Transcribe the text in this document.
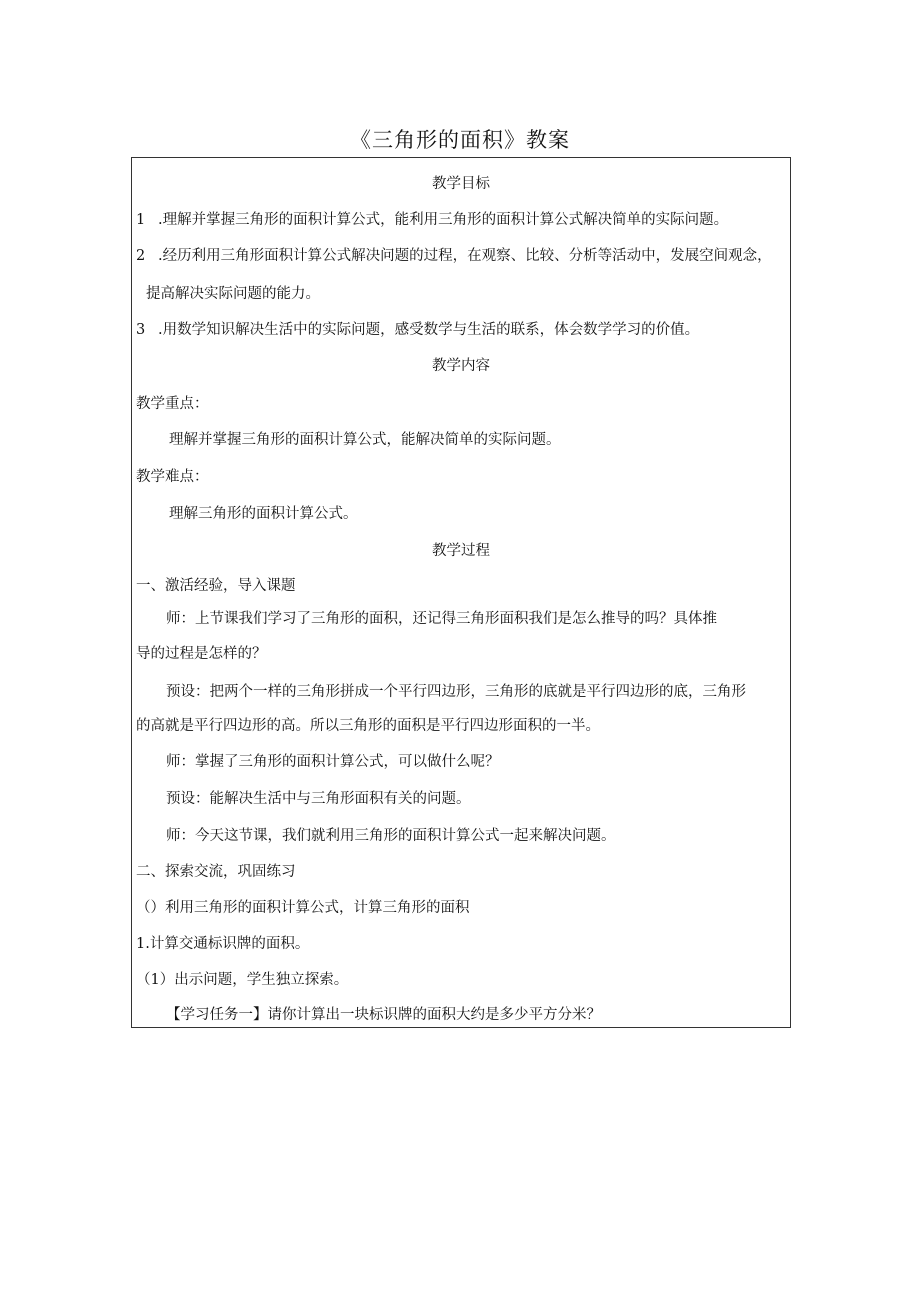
《三角形的面积》教案
教学目标
1 .理解并掌握三角形的面积计算公式，能利用三角形的面积计算公式解决简单的实际问题。
2 .经历利用三角形面积计算公式解决问题的过程，在观察、比较、分析等活动中，发展空间观念，
提高解决实际问题的能力。
3 .用数学知识解决生活中的实际问题，感受数学与生活的联系，体会数学学习的价值。
教学内容
教学重点：
理解并掌握三角形的面积计算公式，能解决简单的实际问题。
教学难点：
理解三角形的面积计算公式。
教学过程
一、激活经验，导入课题
师：上节课我们学习了三角形的面积，还记得三角形面积我们是怎么推导的吗？具体推
导的过程是怎样的？
预设：把两个一样的三角形拼成一个平行四边形，三角形的底就是平行四边形的底，三角形
的高就是平行四边形的高。所以三角形的面积是平行四边形面积的一半。
师：掌握了三角形的面积计算公式，可以做什么呢？
预设：能解决生活中与三角形面积有关的问题。
师：今天这节课，我们就利用三角形的面积计算公式一起来解决问题。
二、探索交流，巩固练习
（）利用三角形的面积计算公式，计算三角形的面积
1.计算交通标识牌的面积。
（1）出示问题，学生独立探索。
【学习任务一】请你计算出一块标识牌的面积大约是多少平方分米？
